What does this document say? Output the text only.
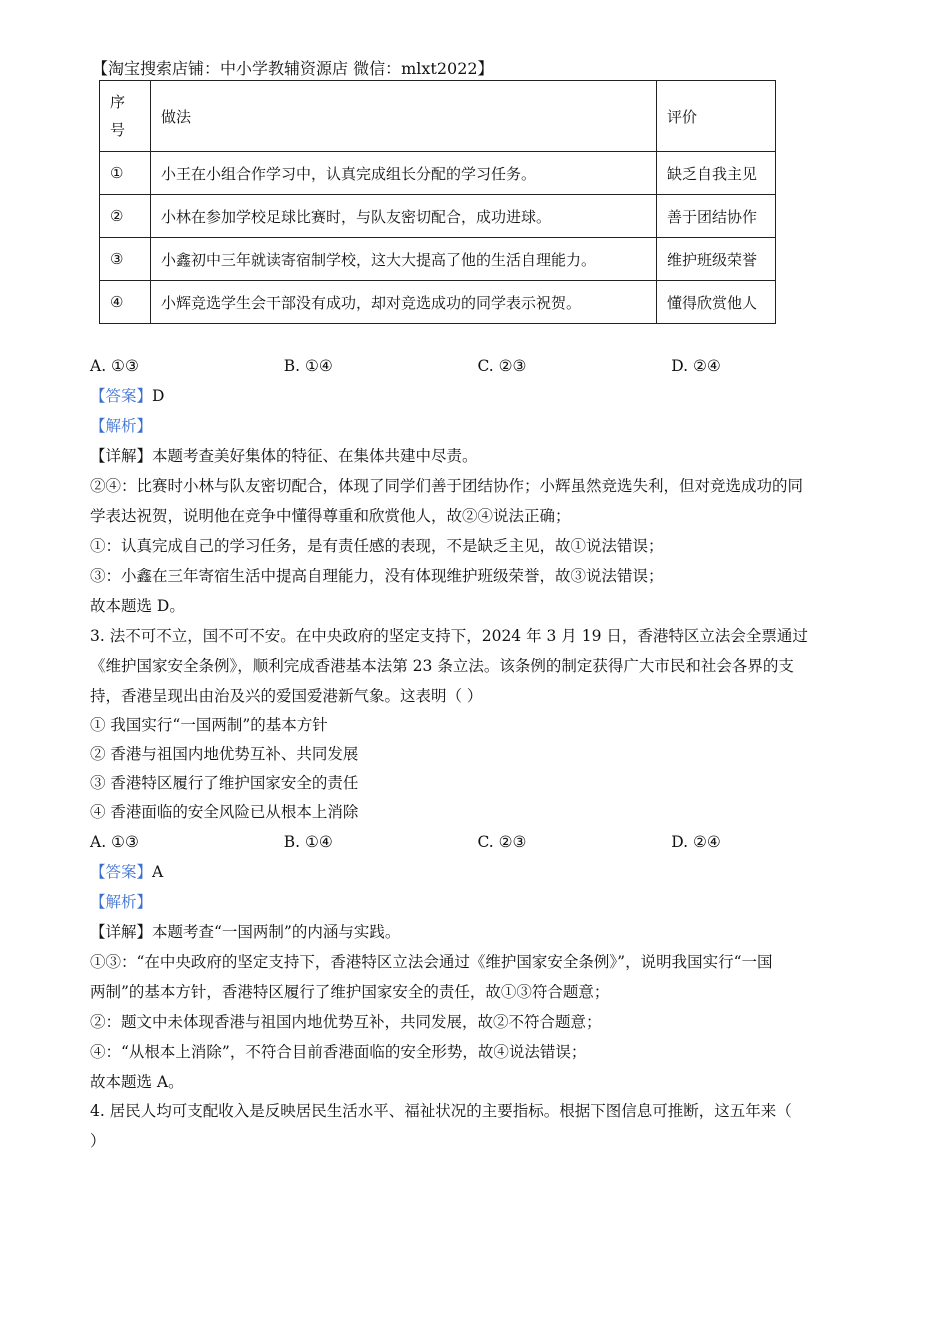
【淘宝搜索店铺：中小学教辅资源店 微信：mlxt2022】
序号	做法	评价
①	小王在小组合作学习中，认真完成组长分配的学习任务。	缺乏自我主见
②	小林在参加学校足球比赛时，与队友密切配合，成功进球。	善于团结协作
③	小鑫初中三年就读寄宿制学校，这大大提高了他的生活自理能力。	维护班级荣誉
④	小辉竞选学生会干部没有成功，却对竞选成功的同学表示祝贺。	懂得欣赏他人
A. ①③	B. ①④	C. ②③	D. ②④
【答案】D
【解析】
【详解】本题考查美好集体的特征、在集体共建中尽责。
②④：比赛时小林与队友密切配合，体现了同学们善于团结协作；小辉虽然竞选失利，但对竞选成功的同
学表达祝贺，说明他在竞争中懂得尊重和欣赏他人，故②④说法正确；
①：认真完成自己的学习任务，是有责任感的表现，不是缺乏主见，故①说法错误；
③：小鑫在三年寄宿生活中提高自理能力，没有体现维护班级荣誉，故③说法错误；
故本题选 D。
3. 法不可不立，国不可不安。在中央政府的坚定支持下，2024 年 3 月 19 日，香港特区立法会全票通过
《维护国家安全条例》，顺利完成香港基本法第 23 条立法。该条例的制定获得广大市民和社会各界的支
持，香港呈现出由治及兴的爱国爱港新气象。这表明（ ）
① 我国实行“一国两制”的基本方针
② 香港与祖国内地优势互补、共同发展
③ 香港特区履行了维护国家安全的责任
④ 香港面临的安全风险已从根本上消除
A. ①③	B. ①④	C. ②③	D. ②④
【答案】A
【解析】
【详解】本题考查“一国两制”的内涵与实践。
①③：“在中央政府的坚定支持下，香港特区立法会通过《维护国家安全条例》”，说明我国实行“一国
两制”的基本方针，香港特区履行了维护国家安全的责任，故①③符合题意；
②：题文中未体现香港与祖国内地优势互补，共同发展，故②不符合题意；
④：“从根本上消除”，不符合目前香港面临的安全形势，故④说法错误；
故本题选 A。
4. 居民人均可支配收入是反映居民生活水平、福祉状况的主要指标。根据下图信息可推断，这五年来（
）
